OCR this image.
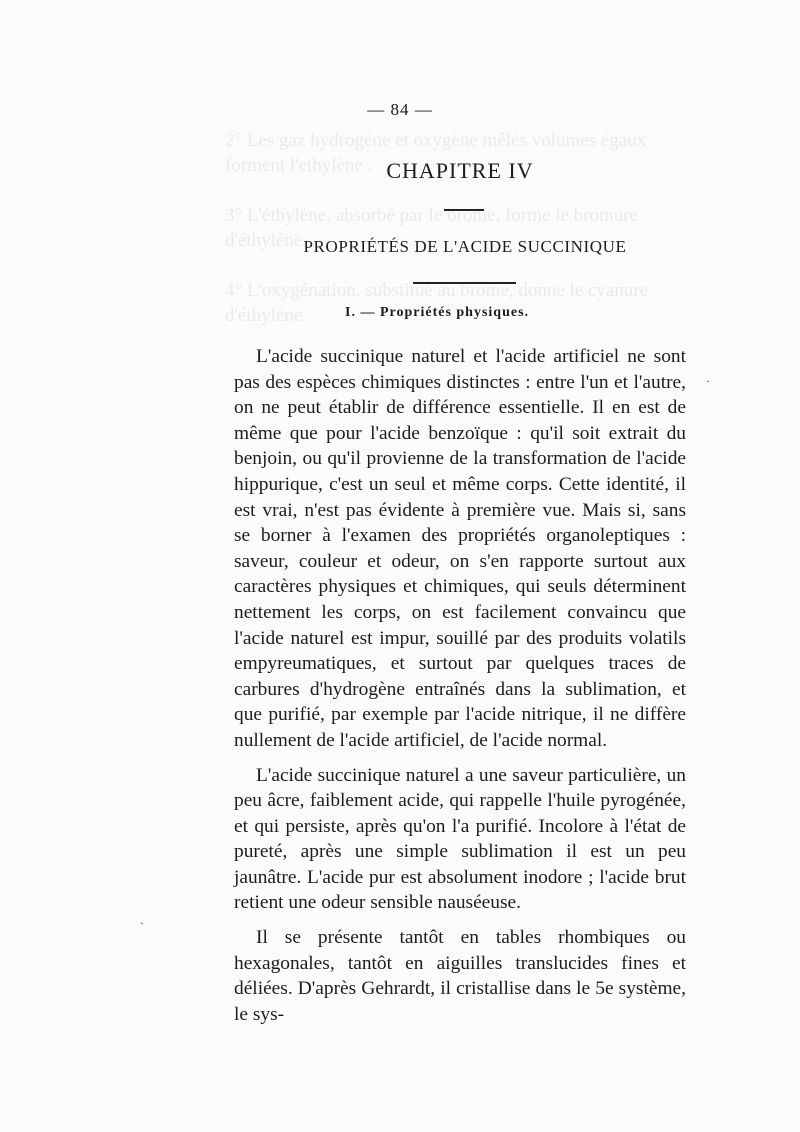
2° Les gaz hydrogène et oxygène mêlés volumes égaux
forment l'ethylène .

3° L'éthylène, absorbé par le brome, forme le bromure
d'éthylène.

4° L'oxygénation, substitué au brome, donne le cyanure
d'éthylène.
— 84 —
CHAPITRE IV
PROPRIÉTÉS DE L'ACIDE SUCCINIQUE
I. — Propriétés physiques.

L'acide succinique naturel et l'acide artificiel ne sont pas des espèces chimiques distinctes : entre l'un et l'autre, on ne peut établir de différence essentielle. Il en est de même que pour l'acide benzoïque : qu'il soit extrait du benjoin, ou qu'il provienne de la transformation de l'acide hippurique, c'est un seul et même corps. Cette identité, il est vrai, n'est pas évidente à première vue. Mais si, sans se borner à l'examen des propriétés organoleptiques : saveur, couleur et odeur, on s'en rapporte surtout aux caractères physiques et chimiques, qui seuls déterminent nettement les corps, on est facilement convaincu que l'acide naturel est impur, souillé par des produits volatils empyreumatiques, et surtout par quelques traces de carbures d'hydrogène entraînés dans la sublimation, et que purifié, par exemple par l'acide nitrique, il ne diffère nullement de l'acide artificiel, de l'acide normal.

L'acide succinique naturel a une saveur particulière, un peu âcre, faiblement acide, qui rappelle l'huile pyrogénée, et qui persiste, après qu'on l'a purifié. Incolore à l'état de pureté, après une simple sublimation il est un peu jaunâtre. L'acide pur est absolument inodore ; l'acide brut retient une odeur sensible nauséeuse.

Il se présente tantôt en tables rhombiques ou hexagonales, tantôt en aiguilles translucides fines et déliées. D'après Gehrardt, il cristallise dans le 5e système, le sys-

·
ˋ
